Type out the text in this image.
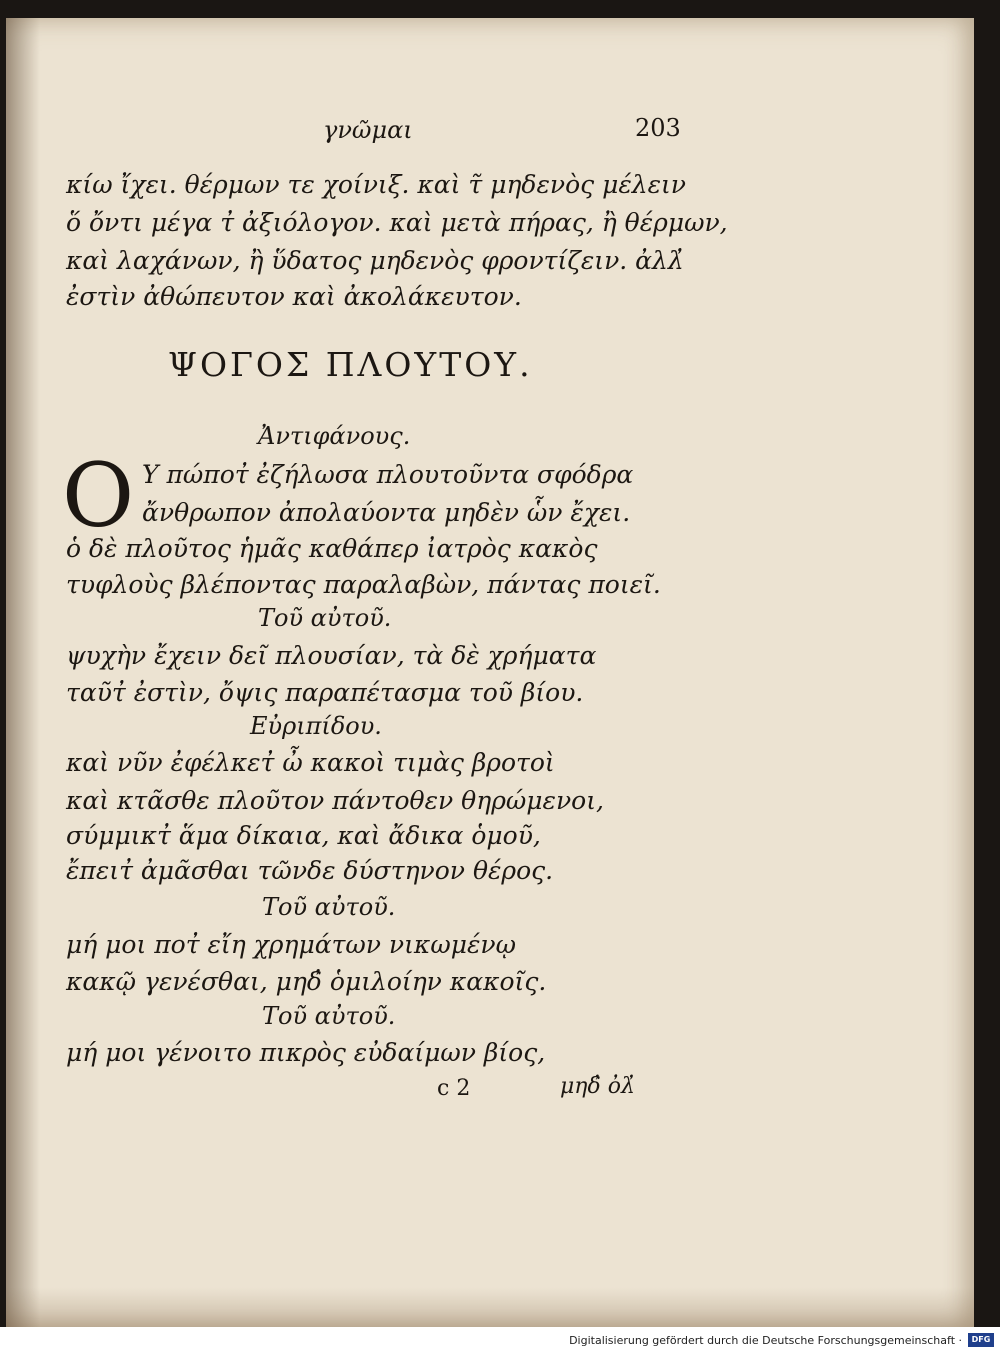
γνῶμαι	203
κίω ἴχει. θέρμων τε χοίνιξ. καὶ τ̃ μηδενὸς μέλειν
ὅ ὄντι μέγα τ̓ ἀξιόλογον. καὶ μετὰ πήρας, ἢ θέρμων,
καὶ λαχάνων, ἢ ὕδατος μηδενὸς φροντίζειν. ἀλλ̓
ἐστὶν ἀθώπευτον καὶ ἀκολάκευτον.
ΨΟΓΟΣ ΠΛΟΥΤΟΥ.
Ἀντιφάνους.
O Υ πώποτ̓ ἐζήλωσα πλουτοῦντα σφόδρα
ἄνθρωπον ἀπολαύοντα μηδὲν ὧν ἔχει.
ὁ δὲ πλοῦτος ἡμᾶς καθάπερ ἰατρὸς κακὸς
τυφλοὺς βλέποντας παραλαβὼν, πάντας ποιεῖ.
Τοῦ αὐτοῦ.
ψυχὴν ἔχειν δεῖ πλουσίαν, τὰ δὲ χρήματα
ταῦτ̓ ἐστὶν, ὄψις παραπέτασμα τοῦ βίου.
Εὐριπίδου.
καὶ νῦν ἐφέλκετ̓ ὦ κακοὶ τιμὰς βροτοὶ
καὶ κτᾶσθε πλοῦτον πάντοθεν θηρώμενοι,
σύμμικτ̓ ἅμα δίκαια, καὶ ἄδικα ὁμοῦ,
ἔπειτ̓ ἀμᾶσθαι τῶνδε δύστηνον θέρος.
Τοῦ αὐτοῦ.
μή μοι ποτ̓ εἴη χρημάτων νικωμένῳ
κακῷ γενέσθαι, μηδ̓ ὁμιλοίην κακοῖς.
Τοῦ αὐτοῦ.
μή μοι γένοιτο πικρὸς εὐδαίμων βίος,
c 2	μηδ̓ ὀλ̓
Digitalisierung gefördert durch die Deutsche Forschungsgemeinschaft ·	DFG
